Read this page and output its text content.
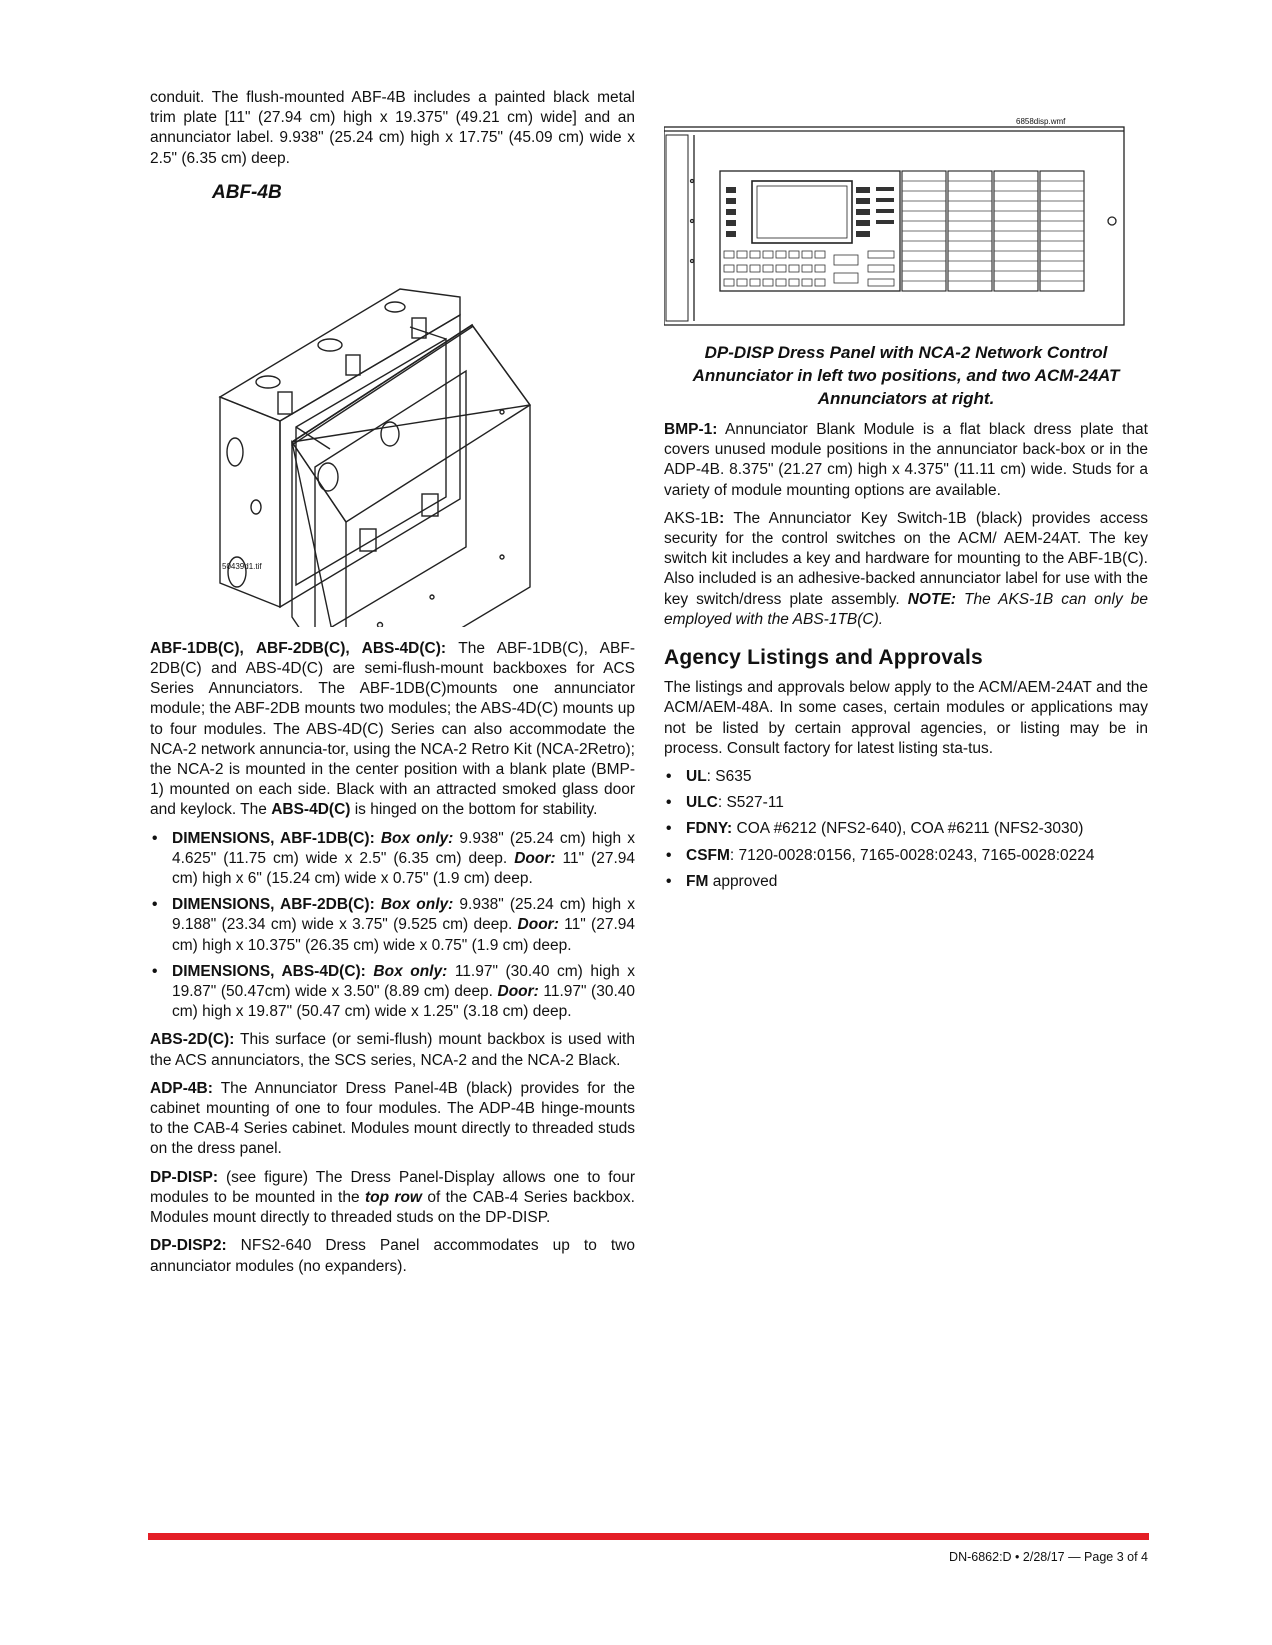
conduit. The flush-mounted ABF-4B includes a painted black metal trim plate [11" (27.94 cm) high x 19.375" (49.21 cm) wide] and an annunciator label. 9.938" (25.24 cm) high x 17.75" (45.09 cm) wide x 2.5" (6.35 cm) deep.

ABF-4B
50439d1.tif

ABF-1DB(C), ABF-2DB(C), ABS-4D(C): The ABF-1DB(C), ABF-2DB(C) and ABS-4D(C) are semi-flush-mount backboxes for ACS Series Annunciators. The ABF-1DB(C)mounts one annunciator module; the ABF-2DB mounts two modules; the ABS-4D(C) mounts up to four modules. The ABS-4D(C) Series can also accommodate the NCA-2 network annuncia-tor, using the NCA-2 Retro Kit (NCA-2Retro); the NCA-2 is mounted in the center position with a blank plate (BMP-1) mounted on each side. Black with an attracted smoked glass door and keylock. The ABS-4D(C) is hinged on the bottom for stability.

• DIMENSIONS, ABF-1DB(C): Box only: 9.938" (25.24 cm) high x 4.625" (11.75 cm) wide x 2.5" (6.35 cm) deep. Door: 11" (27.94 cm) high x 6" (15.24 cm) wide x 0.75" (1.9 cm) deep.
• DIMENSIONS, ABF-2DB(C): Box only: 9.938" (25.24 cm) high x 9.188" (23.34 cm) wide x 3.75" (9.525 cm) deep. Door: 11" (27.94 cm) high x 10.375" (26.35 cm) wide x 0.75" (1.9 cm) deep.
• DIMENSIONS, ABS-4D(C): Box only: 11.97" (30.40 cm) high x 19.87" (50.47cm) wide x 3.50" (8.89 cm) deep. Door: 11.97" (30.40 cm) high x 19.87" (50.47 cm) wide x 1.25" (3.18 cm) deep.

ABS-2D(C): This surface (or semi-flush) mount backbox is used with the ACS annunciators, the SCS series, NCA-2 and the NCA-2 Black.

ADP-4B: The Annunciator Dress Panel-4B (black) provides for the cabinet mounting of one to four modules. The ADP-4B hinge-mounts to the CAB-4 Series cabinet. Modules mount directly to threaded studs on the dress panel.

DP-DISP: (see figure) The Dress Panel-Display allows one to four modules to be mounted in the top row of the CAB-4 Series backbox. Modules mount directly to threaded studs on the DP-DISP.

DP-DISP2: NFS2-640 Dress Panel accommodates up to two annunciator modules (no expanders).

6858disp.wmf
DP-DISP Dress Panel with NCA-2 Network Control Annunciator in left two positions, and two ACM-24AT Annunciators at right.

BMP-1: Annunciator Blank Module is a flat black dress plate that covers unused module positions in the annunciator back-box or in the ADP-4B. 8.375" (21.27 cm) high x 4.375" (11.11 cm) wide. Studs for a variety of module mounting options are available.

AKS-1B: The Annunciator Key Switch-1B (black) provides access security for the control switches on the ACM/ AEM-24AT. The key switch kit includes a key and hardware for mounting to the ABF-1B(C). Also included is an adhesive-backed annunciator label for use with the key switch/dress plate assembly. NOTE: The AKS-1B can only be employed with the ABS-1TB(C).

Agency Listings and Approvals

The listings and approvals below apply to the ACM/AEM-24AT and the ACM/AEM-48A. In some cases, certain modules or applications may not be listed by certain approval agencies, or listing may be in process. Consult factory for latest listing sta-tus.

• UL: S635
• ULC: S527-11
• FDNY: COA #6212 (NFS2-640), COA #6211 (NFS2-3030)
• CSFM: 7120-0028:0156, 7165-0028:0243, 7165-0028:0224
• FM approved
DN-6862:D • 2/28/17 — Page 3 of 4
